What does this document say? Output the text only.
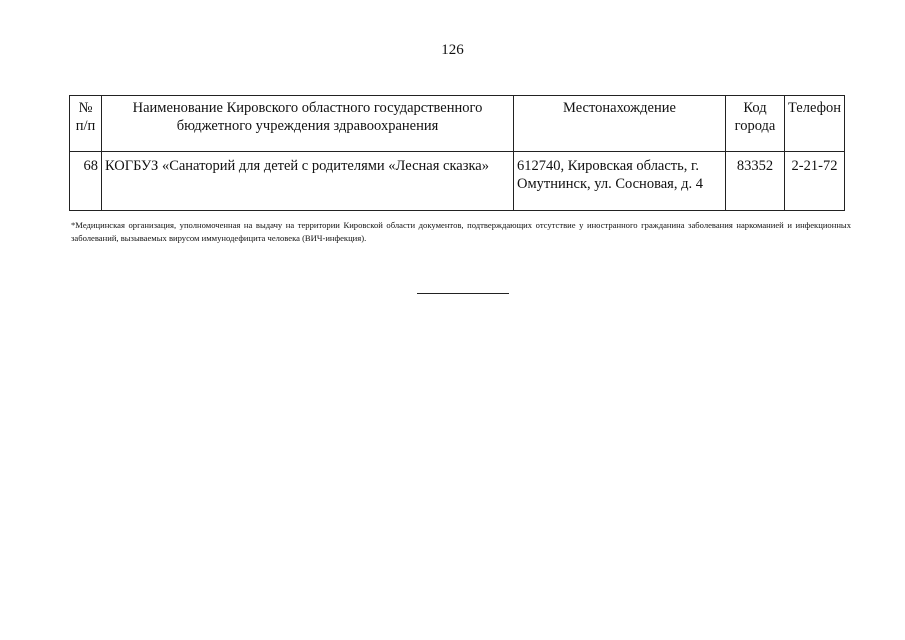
126
№ п/п	Наименование Кировского областного государственного бюджетного учреждения здравоохранения	Местонахождение	Код города	Телефон
68	КОГБУЗ «Санаторий для детей с родителями «Лесная сказка»	612740, Кировская область, г. Омутнинск, ул. Сосновая, д. 4	83352	2-21-72
*Медицинская организация, уполномоченная на выдачу на территории Кировской области документов, подтверждающих отсутствие у иностранного гражданина заболевания наркоманией и инфекционных заболеваний, вызываемых вирусом иммунодефицита человека (ВИЧ-инфекция).
